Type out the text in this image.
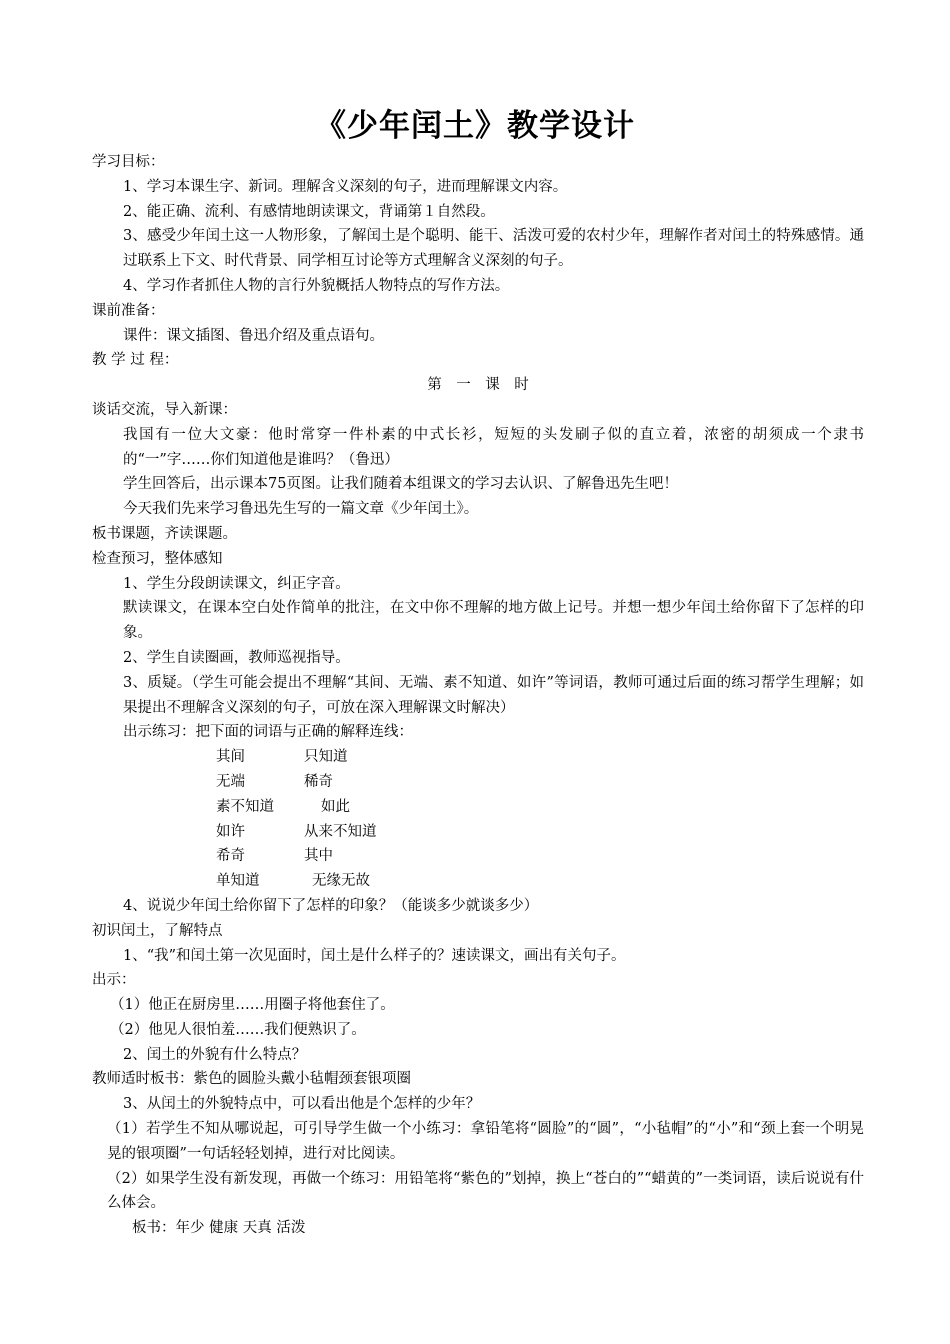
《少年闰土》教学设计

学习目标：

1、学习本课生字、新词。理解含义深刻的句子，进而理解课文内容。

2、能正确、流利、有感情地朗读课文，背诵第１自然段。

3、感受少年闰土这一人物形象，了解闰土是个聪明、能干、活泼可爱的农村少年，理解作者对闰土的特殊感情。通过联系上下文、时代背景、同学相互讨论等方式理解含义深刻的句子。

4、学习作者抓住人物的言行外貌概括人物特点的写作方法。

课前准备：

课件：课文插图、鲁迅介绍及重点语句。

教 学 过 程：

第　一　课　时

谈话交流，导入新课：

我国有一位大文豪：他时常穿一件朴素的中式长衫，短短的头发刷子似的直立着，浓密的胡须成一个隶书的“一”字……你们知道他是谁吗？（鲁迅）

学生回答后，出示课本75页图。让我们随着本组课文的学习去认识、了解鲁迅先生吧！

今天我们先来学习鲁迅先生写的一篇文章《少年闰土》。

板书课题，齐读课题。

检查预习，整体感知

1、学生分段朗读课文，纠正字音。

默读课文，在课本空白处作简单的批注，在文中你不理解的地方做上记号。并想一想少年闰土给你留下了怎样的印象。

2、学生自读圈画，教师巡视指导。

3、质疑。（学生可能会提出不理解“其间、无端、素不知道、如许”等词语，教师可通过后面的练习帮学生理解；如果提出不理解含义深刻的句子，可放在深入理解课文时解决）

出示练习：把下面的词语与正确的解释连线：

其间	只知道

无端	稀奇

素不知道	如此

如许	从来不知道

希奇	其中

单知道	无缘无故

4、说说少年闰土给你留下了怎样的印象？（能谈多少就谈多少）

初识闰土，了解特点

1、“我”和闰土第一次见面时，闰土是什么样子的？速读课文，画出有关句子。

出示：

（1）他正在厨房里……用圈子将他套住了。

（2）他见人很怕羞……我们便熟识了。

2、闰土的外貌有什么特点？

教师适时板书：紫色的圆脸头戴小毡帽颈套银项圈

3、从闰土的外貌特点中，可以看出他是个怎样的少年？

（1）若学生不知从哪说起，可引导学生做一个小练习：拿铅笔将“圆脸”的“圆”，“小毡帽”的“小”和“颈上套一个明晃晃的银项圈”一句话轻轻划掉，进行对比阅读。

（2）如果学生没有新发现，再做一个练习：用铅笔将“紫色的”划掉，换上“苍白的”“蜡黄的”一类词语，读后说说有什么体会。

板书：年少 健康 天真 活泼
